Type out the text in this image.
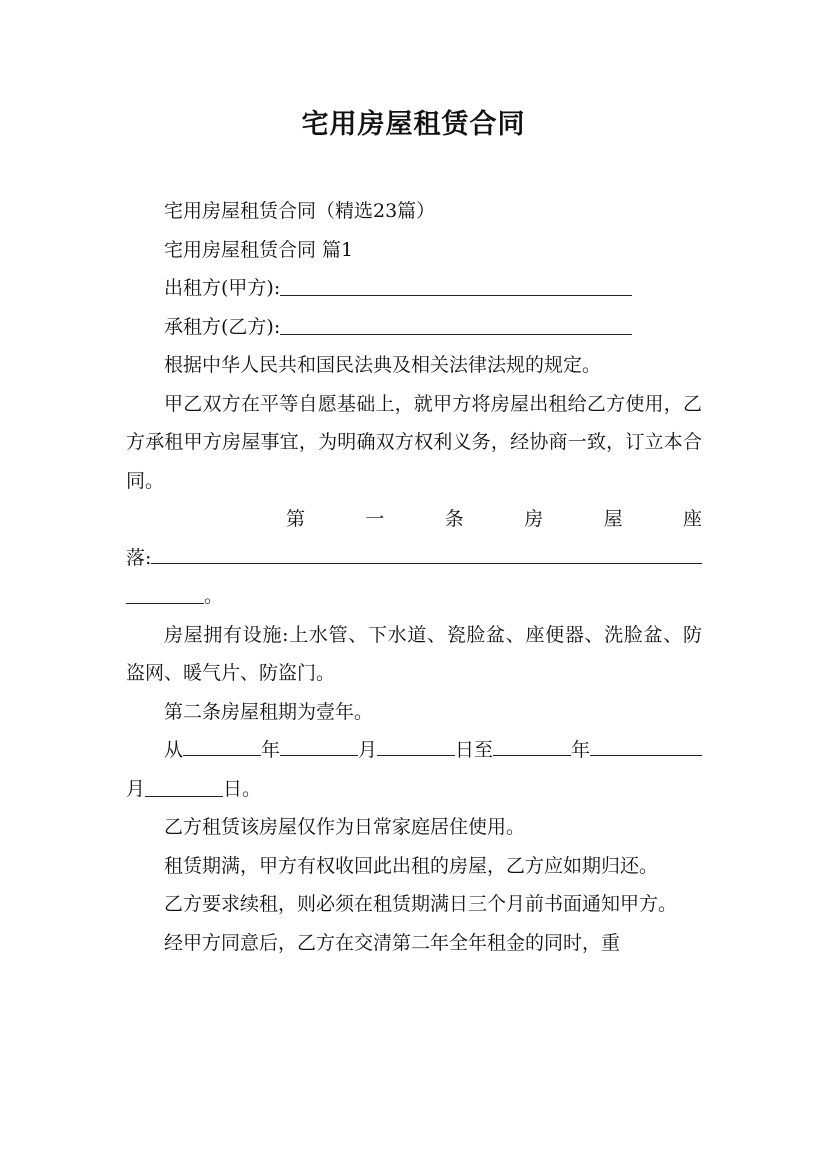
宅用房屋租赁合同

宅用房屋租赁合同（精选23篇）

宅用房屋租赁合同 篇1

出租方(甲方):

承租方(乙方):

根据中华人民共和国民法典及相关法律法规的规定。

甲乙双方在平等自愿基础上，就甲方将房屋出租给乙方使用，乙方承租甲方房屋事宜，为明确双方权利义务，经协商一致，订立本合同。

第	一	条	房	屋	座
落:
。

房屋拥有设施:上水管、下水道、瓷脸盆、座便器、洗脸盆、防盗网、暖气片、防盗门。

第二条房屋租期为壹年。

从	年	月	日至	年

月	日。

乙方租赁该房屋仅作为日常家庭居住使用。

租赁期满，甲方有权收回此出租的房屋，乙方应如期归还。

乙方要求续租，则必须在租赁期满日三个月前书面通知甲方。

经甲方同意后，乙方在交清第二年全年租金的同时，重
